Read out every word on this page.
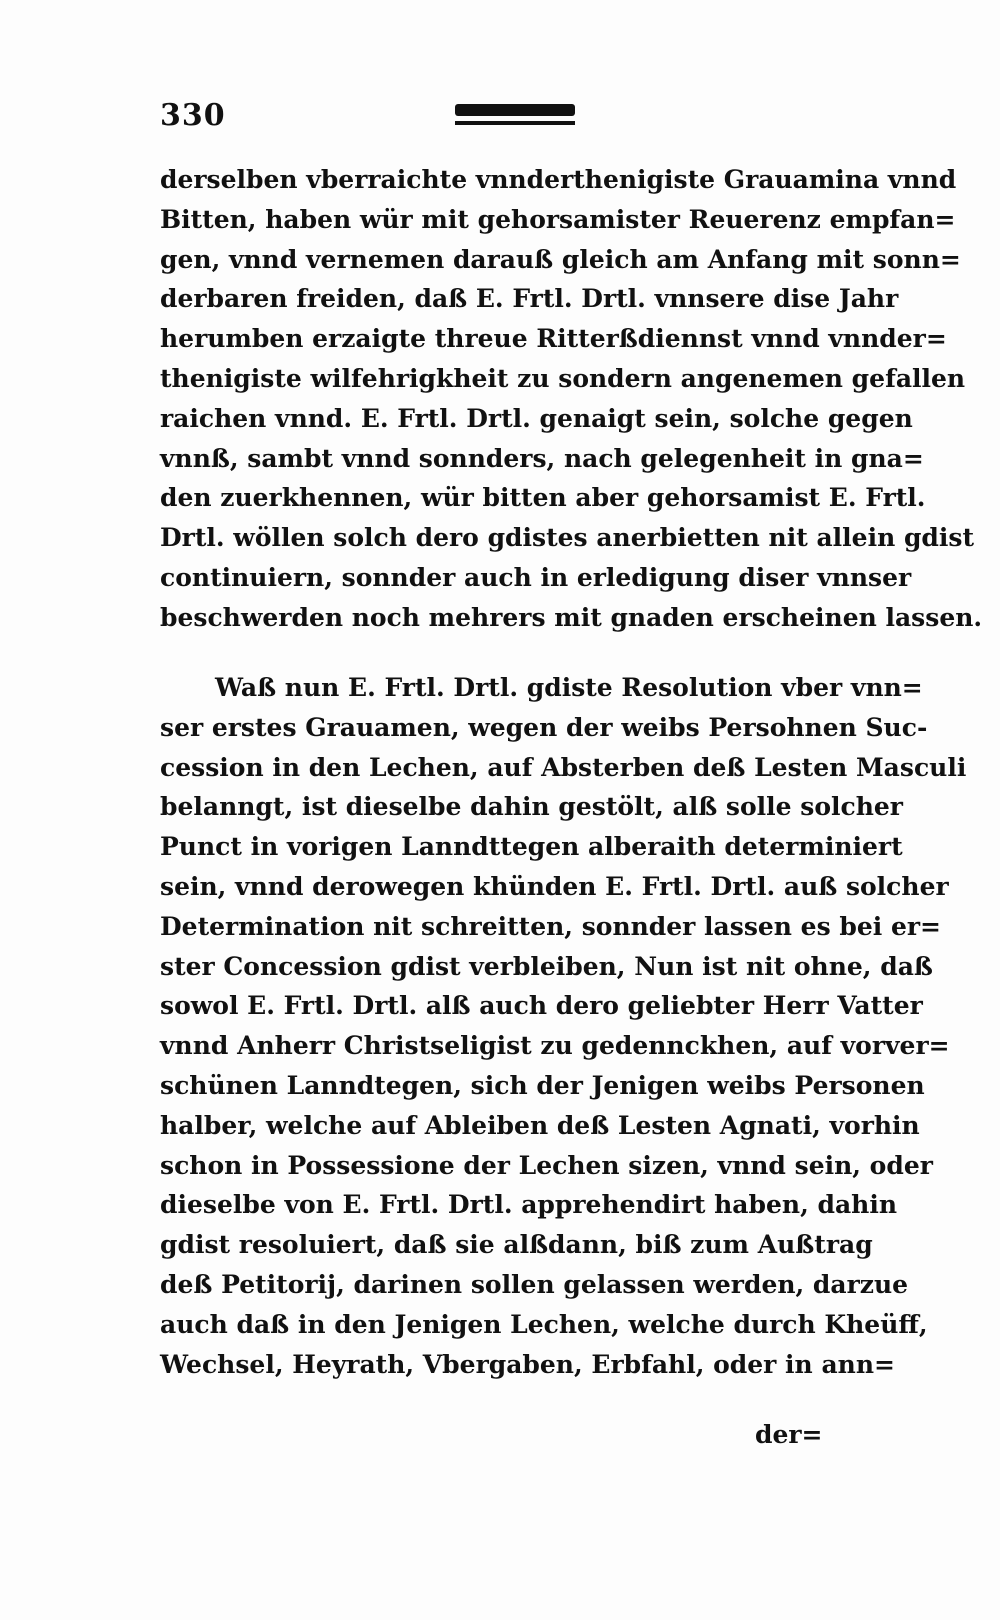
330
derselben vberraichte vnnderthenigiste Grauamina vnnd
Bitten, haben wür mit gehorsamister Reuerenz empfan=
gen, vnnd vernemen darauß gleich am Anfang mit sonn=
derbaren freiden, daß E. Frtl. Drtl. vnnsere dise Jahr
herumben erzaigte threue Ritterßdiennst vnnd vnnder=
thenigiste wilfehrigkheit zu sondern angenemen gefallen
raichen vnnd. E. Frtl. Drtl. genaigt sein, solche gegen
vnnß, sambt vnnd sonnders, nach gelegenheit in gna=
den zuerkhennen, wür bitten aber gehorsamist E. Frtl.
Drtl. wöllen solch dero gdistes anerbietten nit allein gdist
continuiern, sonnder auch in erledigung diser vnnser
beschwerden noch mehrers mit gnaden erscheinen lassen.
Waß nun E. Frtl. Drtl. gdiste Resolution vber vnn=
ser erstes Grauamen, wegen der weibs Persohnen Suc-
cession in den Lechen, auf Absterben deß Lesten Masculi
belanngt, ist dieselbe dahin gestölt, alß solle solcher
Punct in vorigen Lanndttegen alberaith determiniert
sein, vnnd derowegen khünden E. Frtl. Drtl. auß solcher
Determination nit schreitten, sonnder lassen es bei er=
ster Concession gdist verbleiben, Nun ist nit ohne, daß
sowol E. Frtl. Drtl. alß auch dero geliebter Herr Vatter
vnnd Anherr Christseligist zu gedennckhen, auf vorver=
schünen Lanndtegen, sich der Jenigen weibs Personen
halber, welche auf Ableiben deß Lesten Agnati, vorhin
schon in Possessione der Lechen sizen, vnnd sein, oder
dieselbe von E. Frtl. Drtl. apprehendirt haben, dahin
gdist resoluiert, daß sie alßdann, biß zum Außtrag
deß Petitorij, darinen sollen gelassen werden, darzue
auch daß in den Jenigen Lechen, welche durch Kheüff,
Wechsel, Heyrath, Vbergaben, Erbfahl, oder in ann=
der=
